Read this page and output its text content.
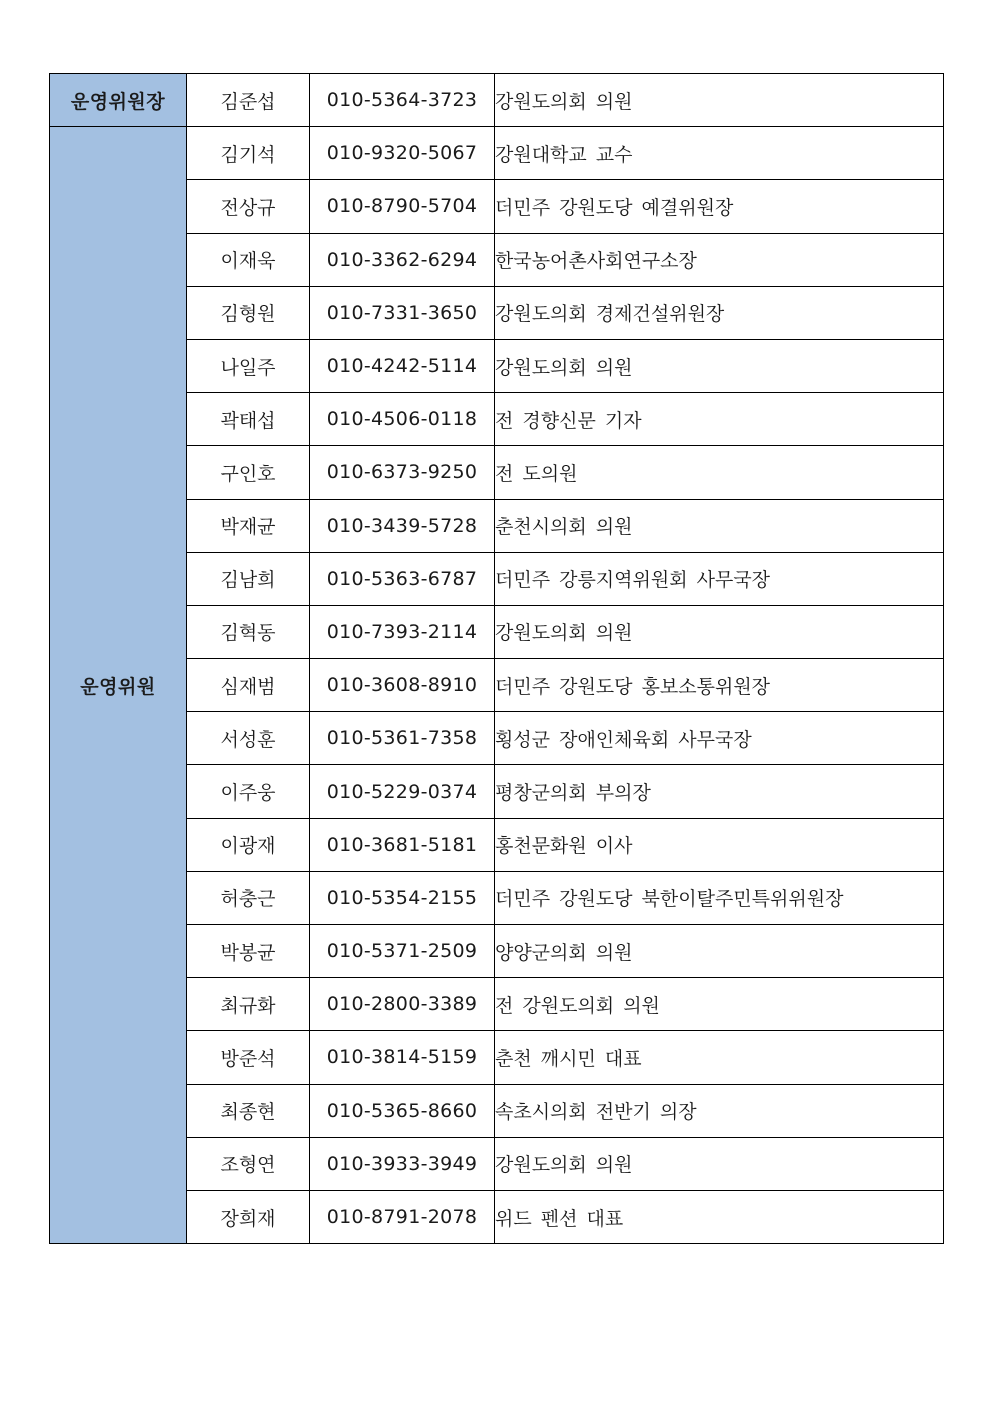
운영위원장	김준섭	010-5364-3723	강원도의회 의원
운영위원	김기석	010-9320-5067	강원대학교 교수
	전상규	010-8790-5704	더민주 강원도당 예결위원장
	이재욱	010-3362-6294	한국농어촌사회연구소장
	김형원	010-7331-3650	강원도의회 경제건설위원장
	나일주	010-4242-5114	강원도의회 의원
	곽태섭	010-4506-0118	전 경향신문 기자
	구인호	010-6373-9250	전 도의원
	박재균	010-3439-5728	춘천시의회 의원
	김남희	010-5363-6787	더민주 강릉지역위원회 사무국장
	김혁동	010-7393-2114	강원도의회 의원
	심재범	010-3608-8910	더민주 강원도당 홍보소통위원장
	서성훈	010-5361-7358	횡성군 장애인체육회 사무국장
	이주웅	010-5229-0374	평창군의회 부의장
	이광재	010-3681-5181	홍천문화원 이사
	허충근	010-5354-2155	더민주 강원도당 북한이탈주민특위위원장
	박봉균	010-5371-2509	양양군의회 의원
	최규화	010-2800-3389	전 강원도의회 의원
	방준석	010-3814-5159	춘천 깨시민 대표
	최종현	010-5365-8660	속초시의회 전반기 의장
	조형연	010-3933-3949	강원도의회 의원
	장희재	010-8791-2078	위드 펜션 대표
